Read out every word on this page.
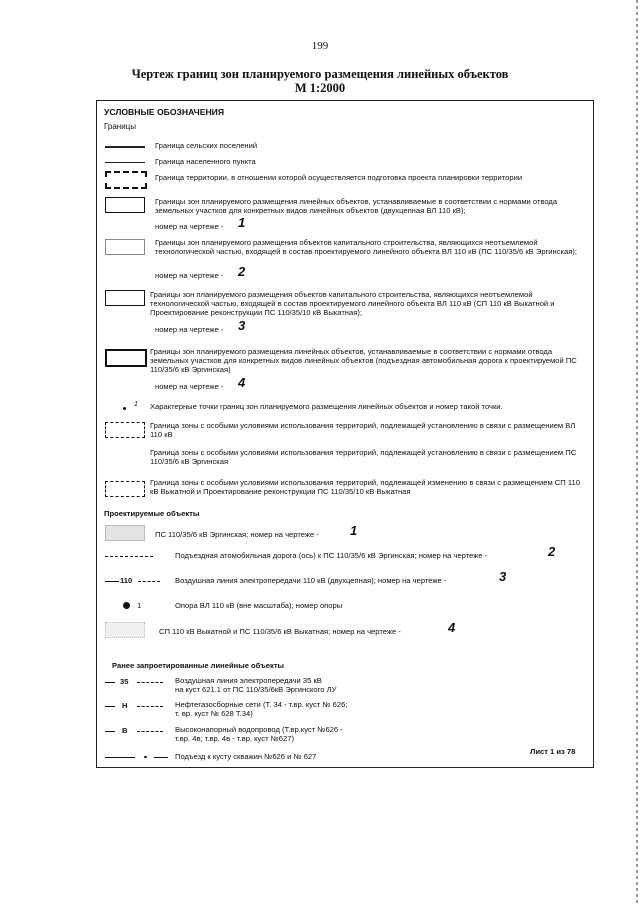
199
Чертеж границ зон планируемого размещения линейных объектов
М 1:2000
УСЛОВНЫЕ ОБОЗНАЧЕНИЯ
Границы
Граница сельских поселений
Граница населенного пункта
Граница территории, в отношении которой осуществляется подготовка проекта планировки территории
Границы зон планируемого размещения линейных объектов, устанавливаемые в соответствии с нормами отвода земельных участков для конкретных видов линейных объектов (двухцепная ВЛ 110 кВ);
номер на чертеже - 1
Границы зон планируемого размещения объектов капитального строительства, являющихся неотъемлемой технологической частью, входящей в состав проектируемого линейного объекта ВЛ 110 кВ (ПС 110/35/6 кВ Эргинская);
номер на чертеже - 2
Границы зон планируемого размещения объектов капитального строительства, являющихся неотъемлемой технологической частью, входящей в состав проектируемого линейного объекта ВЛ 110 кВ (СП 110 кВ Выкатной и Проектирование реконструкции ПС 110/35/10 кВ Выкатная);
номер на чертеже - 3
Границы зон планируемого размещения линейных объектов, устанавливаемые в соответствии с нормами отвода земельных участков для конкретных видов линейных объектов (подъездная автомобильная дорога к проектируемой ПС 110/35/6 кВ Эргинская)
номер на чертеже - 4
1 Характерные точки границ зон планируемого размещения линейных объектов и номер такой точки.
Граница зоны с особыми условиями использования территорий, подлежащей установлению в связи с размещением ВЛ 110 кВ
Граница зоны с особыми условиями использования территорий, подлежащей установлению в связи с размещением ПС 110/35/6 кВ Эргинская
Граница зоны с особыми условиями использования территорий, подлежащей изменению в связи с размещением СП 110 кВ Выкатной и Проектирование реконструкции ПС 110/35/10 кВ Выкатная
Проектируемые объекты
ПС 110/35/6 кВ Эргинская; номер на чертеже - 1
Подъездная атомобильная дорога (ось) к ПС 110/35/6 кВ Эргинская; номер на чертеже -	2
110	Воздушная линия электропередачи 110 кВ (двухцепная); номер на чертеже -	3
1	Опора ВЛ 110 кВ (вне масштаба); номер опоры
СП 110 кВ Выкатной и ПС 110/35/6 кВ Выкатная; номер на чертеже -	4
Ранее запроетированные линейные объекты
35	Воздушная линия электропередачи 35 кВ
на куст 621.1 от ПС 110/35/6кВ Эргинского ЛУ
Н	Нефтегазосборные сети (Т. 34 - т.вр. куст № 626;
т. вр. куст № 628 Т.34)
В	Высоконапорный водопровод (Т.вр.куст №626 -
т.вр. 4в; т.вр. 4в - т.вр. куст №627)
Подъезд к кусту скважин №626 и № 627
Лист 1 из 78
